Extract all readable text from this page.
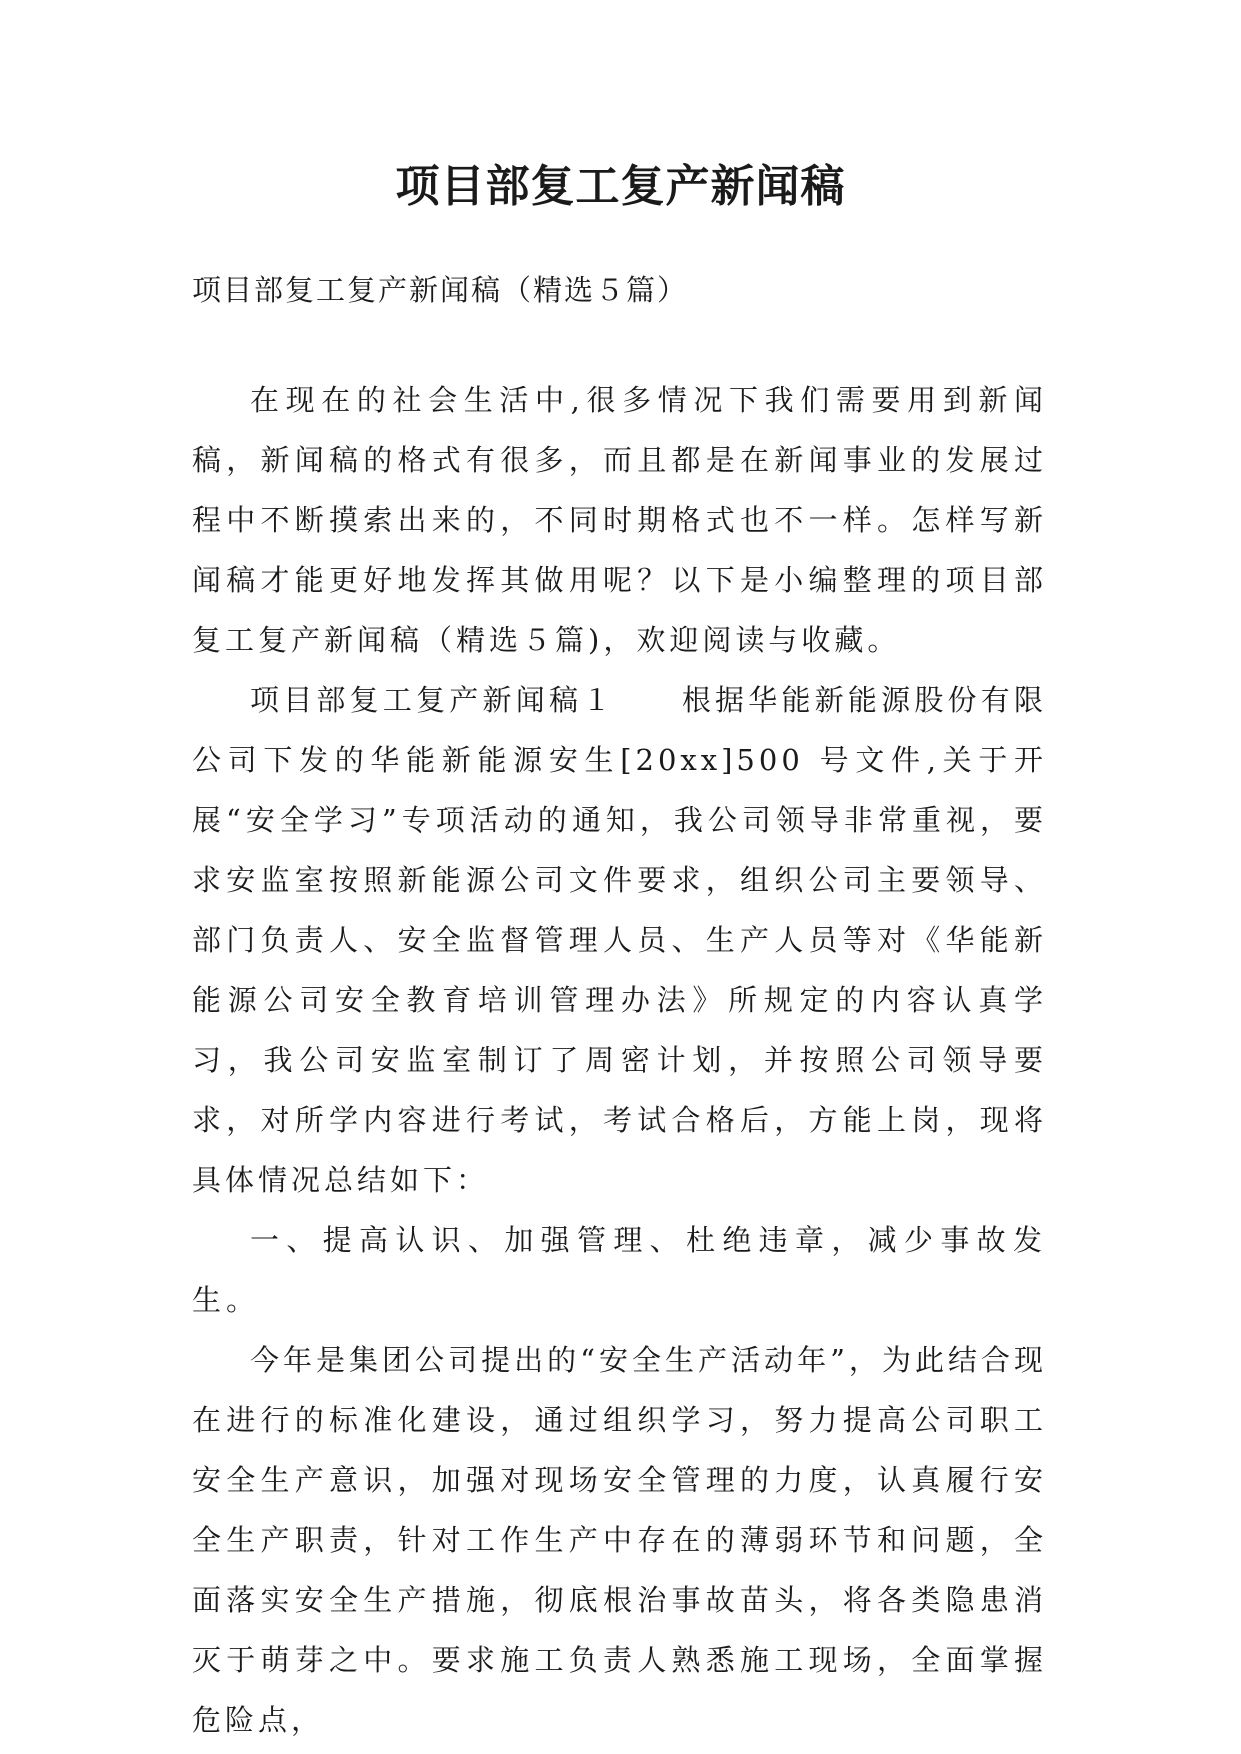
项目部复工复产新闻稿

项目部复工复产新闻稿（精选５篇）

在现在的社会生活中,很多情况下我们需要用到新闻稿，新闻稿的格式有很多，而且都是在新闻事业的发展过程中不断摸索出来的，不同时期格式也不一样。怎样写新闻稿才能更好地发挥其做用呢？以下是小编整理的项目部复工复产新闻稿（精选５篇)，欢迎阅读与收藏。

项目部复工复产新闻稿１　　根据华能新能源股份有限公司下发的华能新能源安生[20xx]500 号文件,关于开展“安全学习”专项活动的通知，我公司领导非常重视，要求安监室按照新能源公司文件要求，组织公司主要领导、部门负责人、安全监督管理人员、生产人员等对《华能新能源公司安全教育培训管理办法》所规定的内容认真学习，我公司安监室制订了周密计划，并按照公司领导要求，对所学内容进行考试，考试合格后，方能上岗，现将具体情况总结如下：

一、提高认识、加强管理、杜绝违章，减少事故发生。

今年是集团公司提出的“安全生产活动年”，为此结合现在进行的标准化建设，通过组织学习，努力提高公司职工安全生产意识，加强对现场安全管理的力度，认真履行安全生产职责，针对工作生产中存在的薄弱环节和问题，全面落实安全生产措施，彻底根治事故苗头，将各类隐患消灭于萌芽之中。要求施工负责人熟悉施工现场，全面掌握危险点，
